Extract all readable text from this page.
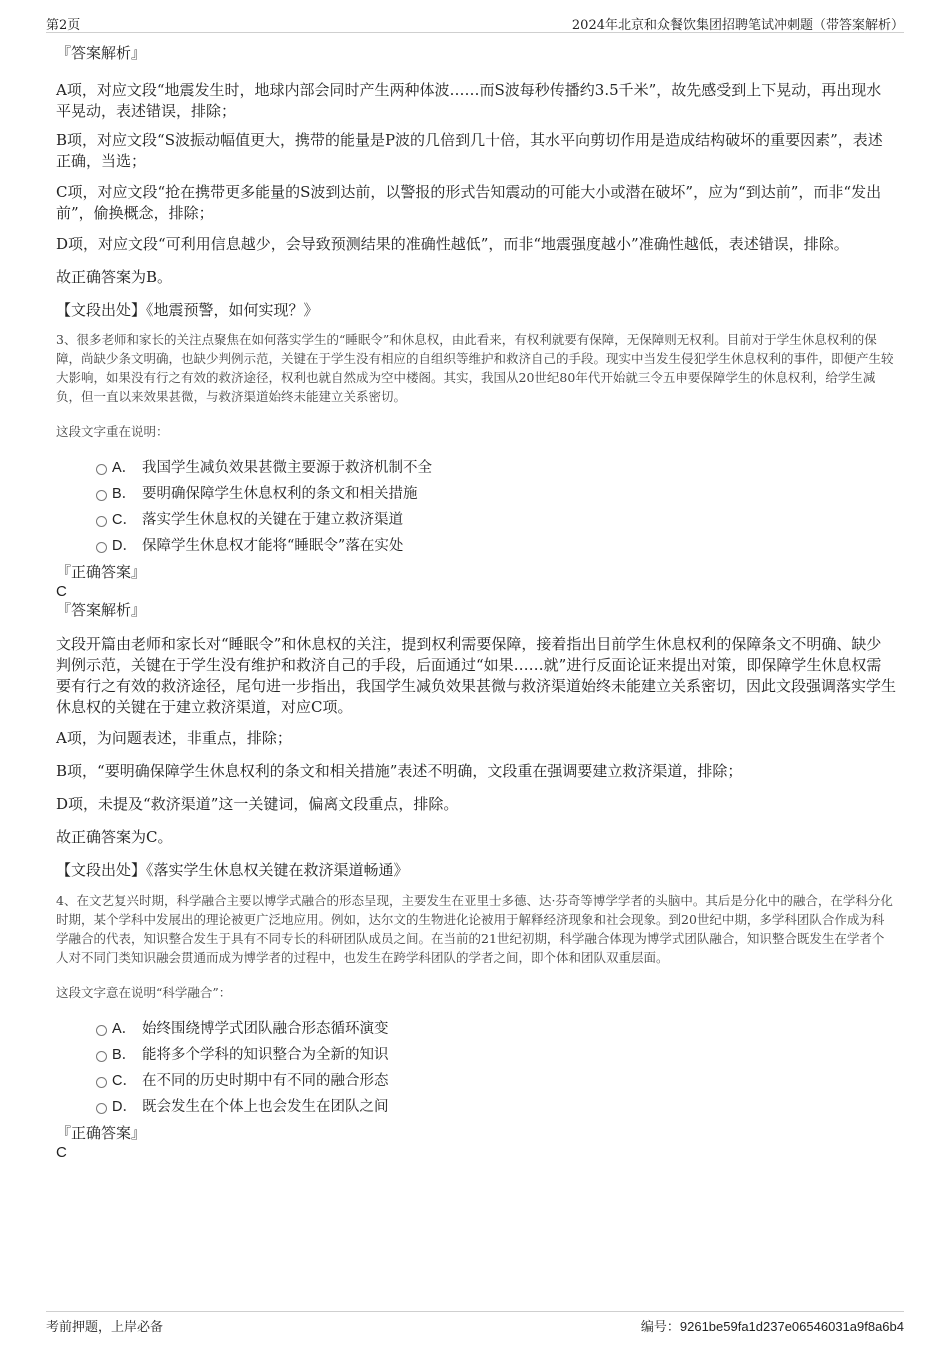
第2页	2024年北京和众餐饮集团招聘笔试冲刺题（带答案解析）
『答案解析』

A项，对应文段“地震发生时，地球内部会同时产生两种体波……而S波每秒传播约3.5千米”，故先感受到上下晃动，再出现水平晃动，表述错误，排除；

B项，对应文段“S波振动幅值更大，携带的能量是P波的几倍到几十倍，其水平向剪切作用是造成结构破坏的重要因素”，表述正确，当选；

C项，对应文段“抢在携带更多能量的S波到达前，以警报的形式告知震动的可能大小或潜在破坏”，应为“到达前”，而非“发出前”，偷换概念，排除；

D项，对应文段“可利用信息越少，会导致预测结果的准确性越低”，而非“地震强度越小”准确性越低，表述错误，排除。

故正确答案为B。

【文段出处】《地震预警，如何实现？》

3、很多老师和家长的关注点聚焦在如何落实学生的“睡眠令”和休息权，由此看来，有权利就要有保障，无保障则无权利。目前对于学生休息权利的保障，尚缺少条文明确，也缺少判例示范，关键在于学生没有相应的自组织等维护和救济自己的手段。现实中当发生侵犯学生休息权利的事件，即便产生较大影响，如果没有行之有效的救济途径，权利也就自然成为空中楼阁。其实，我国从20世纪80年代开始就三令五申要保障学生的休息权利，给学生减负，但一直以来效果甚微，与救济渠道始终未能建立关系密切。

这段文字重在说明：

A． 我国学生减负效果甚微主要源于救济机制不全
B． 要明确保障学生休息权利的条文和相关措施
C． 落实学生休息权的关键在于建立救济渠道
D． 保障学生休息权才能将“睡眠令”落在实处
『正确答案』
C
『答案解析』

文段开篇由老师和家长对“睡眠令”和休息权的关注，提到权利需要保障，接着指出目前学生休息权利的保障条文不明确、缺少判例示范，关键在于学生没有维护和救济自己的手段，后面通过“如果……就”进行反面论证来提出对策，即保障学生休息权需要有行之有效的救济途径，尾句进一步指出，我国学生减负效果甚微与救济渠道始终未能建立关系密切，因此文段强调落实学生休息权的关键在于建立救济渠道，对应C项。

A项，为问题表述，非重点，排除；

B项，“要明确保障学生休息权利的条文和相关措施”表述不明确，文段重在强调要建立救济渠道，排除；

D项，未提及“救济渠道”这一关键词，偏离文段重点，排除。

故正确答案为C。

【文段出处】《落实学生休息权关键在救济渠道畅通》

4、在文艺复兴时期，科学融合主要以博学式融合的形态呈现，主要发生在亚里士多德、达·芬奇等博学学者的头脑中。其后是分化中的融合，在学科分化时期，某个学科中发展出的理论被更广泛地应用。例如，达尔文的生物进化论被用于解释经济现象和社会现象。到20世纪中期，多学科团队合作成为科学融合的代表，知识整合发生于具有不同专长的科研团队成员之间。在当前的21世纪初期，科学融合体现为博学式团队融合，知识整合既发生在学者个人对不同门类知识融会贯通而成为博学者的过程中，也发生在跨学科团队的学者之间，即个体和团队双重层面。

这段文字意在说明“科学融合”：

A． 始终围绕博学式团队融合形态循环演变
B． 能将多个学科的知识整合为全新的知识
C． 在不同的历史时期中有不同的融合形态
D． 既会发生在个体上也会发生在团队之间
『正确答案』
C
考前押题，上岸必备	编号：9261be59fa1d237e06546031a9f8a6b4
